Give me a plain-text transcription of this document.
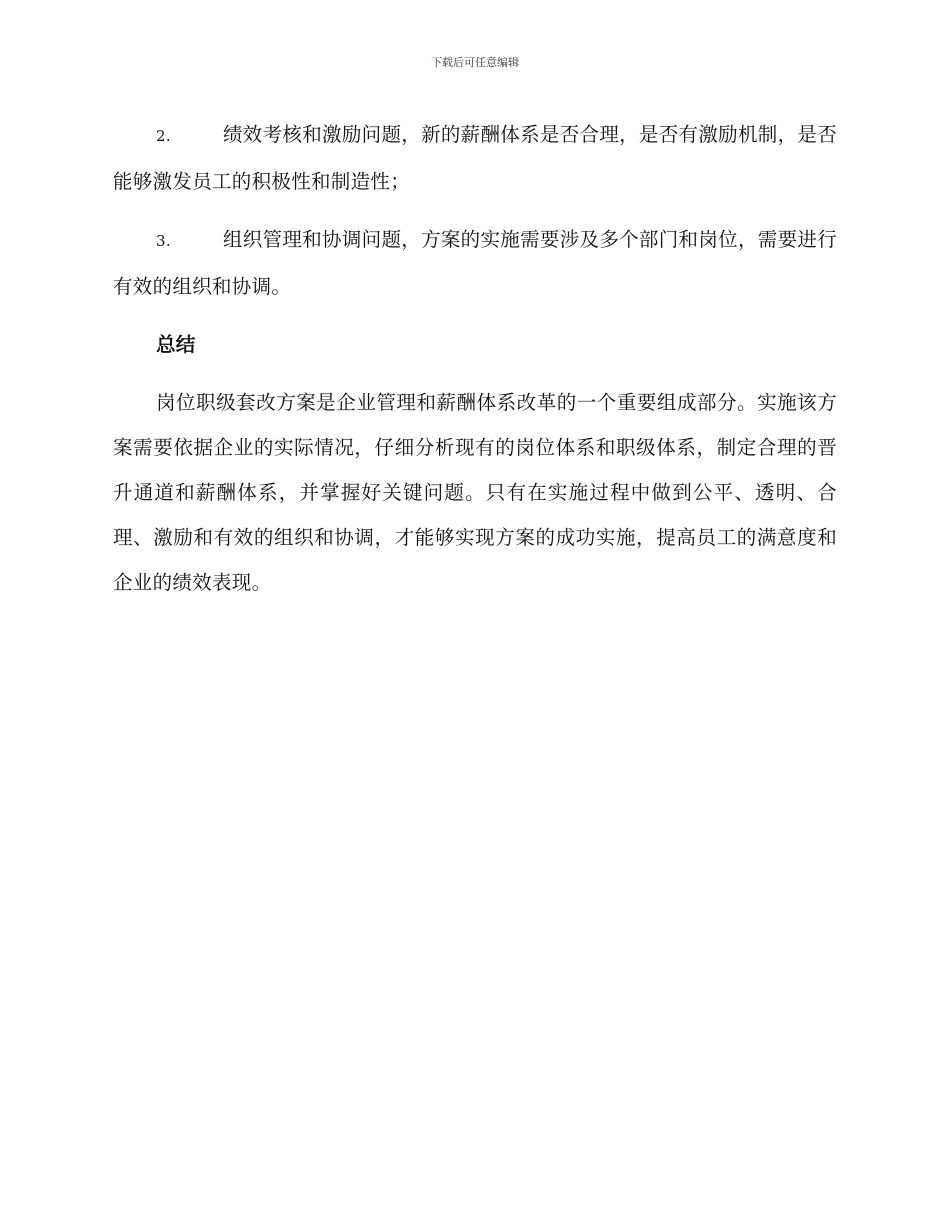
下载后可任意编辑

2.	绩效考核和激励问题，新的薪酬体系是否合理，是否有激励机制，是否能够激发员工的积极性和制造性；

3.	组织管理和协调问题，方案的实施需要涉及多个部门和岗位，需要进行有效的组织和协调。

总结

岗位职级套改方案是企业管理和薪酬体系改革的一个重要组成部分。实施该方案需要依据企业的实际情况，仔细分析现有的岗位体系和职级体系，制定合理的晋升通道和薪酬体系，并掌握好关键问题。只有在实施过程中做到公平、透明、合理、激励和有效的组织和协调，才能够实现方案的成功实施，提高员工的满意度和企业的绩效表现。
